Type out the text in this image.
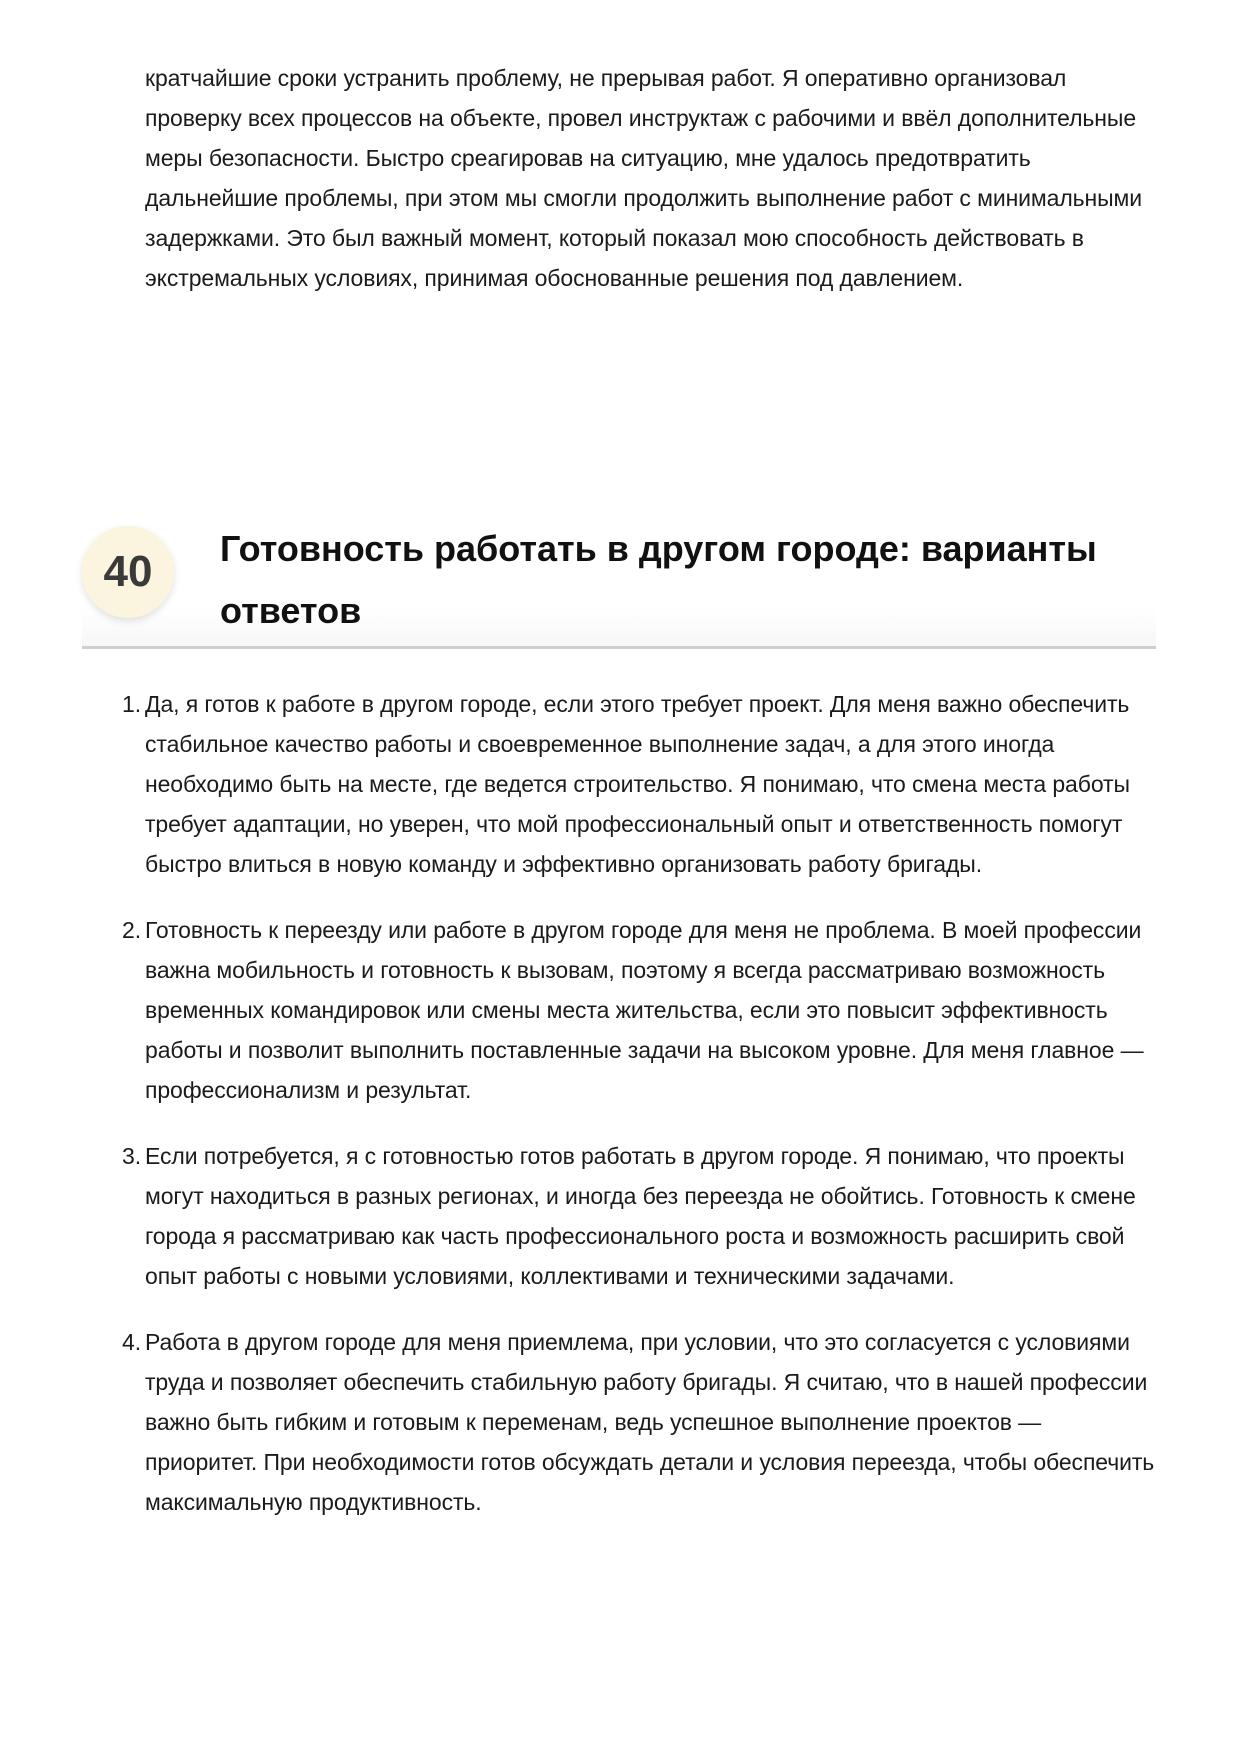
кратчайшие сроки устранить проблему, не прерывая работ. Я оперативно организовал проверку всех процессов на объекте, провел инструктаж с рабочими и ввёл дополнительные меры безопасности. Быстро среагировав на ситуацию, мне удалось предотвратить дальнейшие проблемы, при этом мы смогли продолжить выполнение работ с минимальными задержками. Это был важный момент, который показал мою способность действовать в экстремальных условиях, принимая обоснованные решения под давлением.

40	Готовность работать в другом городе: варианты ответов
1. Да, я готов к работе в другом городе, если этого требует проект. Для меня важно обеспечить стабильное качество работы и своевременное выполнение задач, а для этого иногда необходимо быть на месте, где ведется строительство. Я понимаю, что смена места работы требует адаптации, но уверен, что мой профессиональный опыт и ответственность помогут быстро влиться в новую команду и эффективно организовать работу бригады.
2. Готовность к переезду или работе в другом городе для меня не проблема. В моей профессии важна мобильность и готовность к вызовам, поэтому я всегда рассматриваю возможность временных командировок или смены места жительства, если это повысит эффективность работы и позволит выполнить поставленные задачи на высоком уровне. Для меня главное — профессионализм и результат.
3. Если потребуется, я с готовностью готов работать в другом городе. Я понимаю, что проекты могут находиться в разных регионах, и иногда без переезда не обойтись. Готовность к смене города я рассматриваю как часть профессионального роста и возможность расширить свой опыт работы с новыми условиями, коллективами и техническими задачами.
4. Работа в другом городе для меня приемлема, при условии, что это согласуется с условиями труда и позволяет обеспечить стабильную работу бригады. Я считаю, что в нашей профессии важно быть гибким и готовым к переменам, ведь успешное выполнение проектов — приоритет. При необходимости готов обсуждать детали и условия переезда, чтобы обеспечить максимальную продуктивность.
